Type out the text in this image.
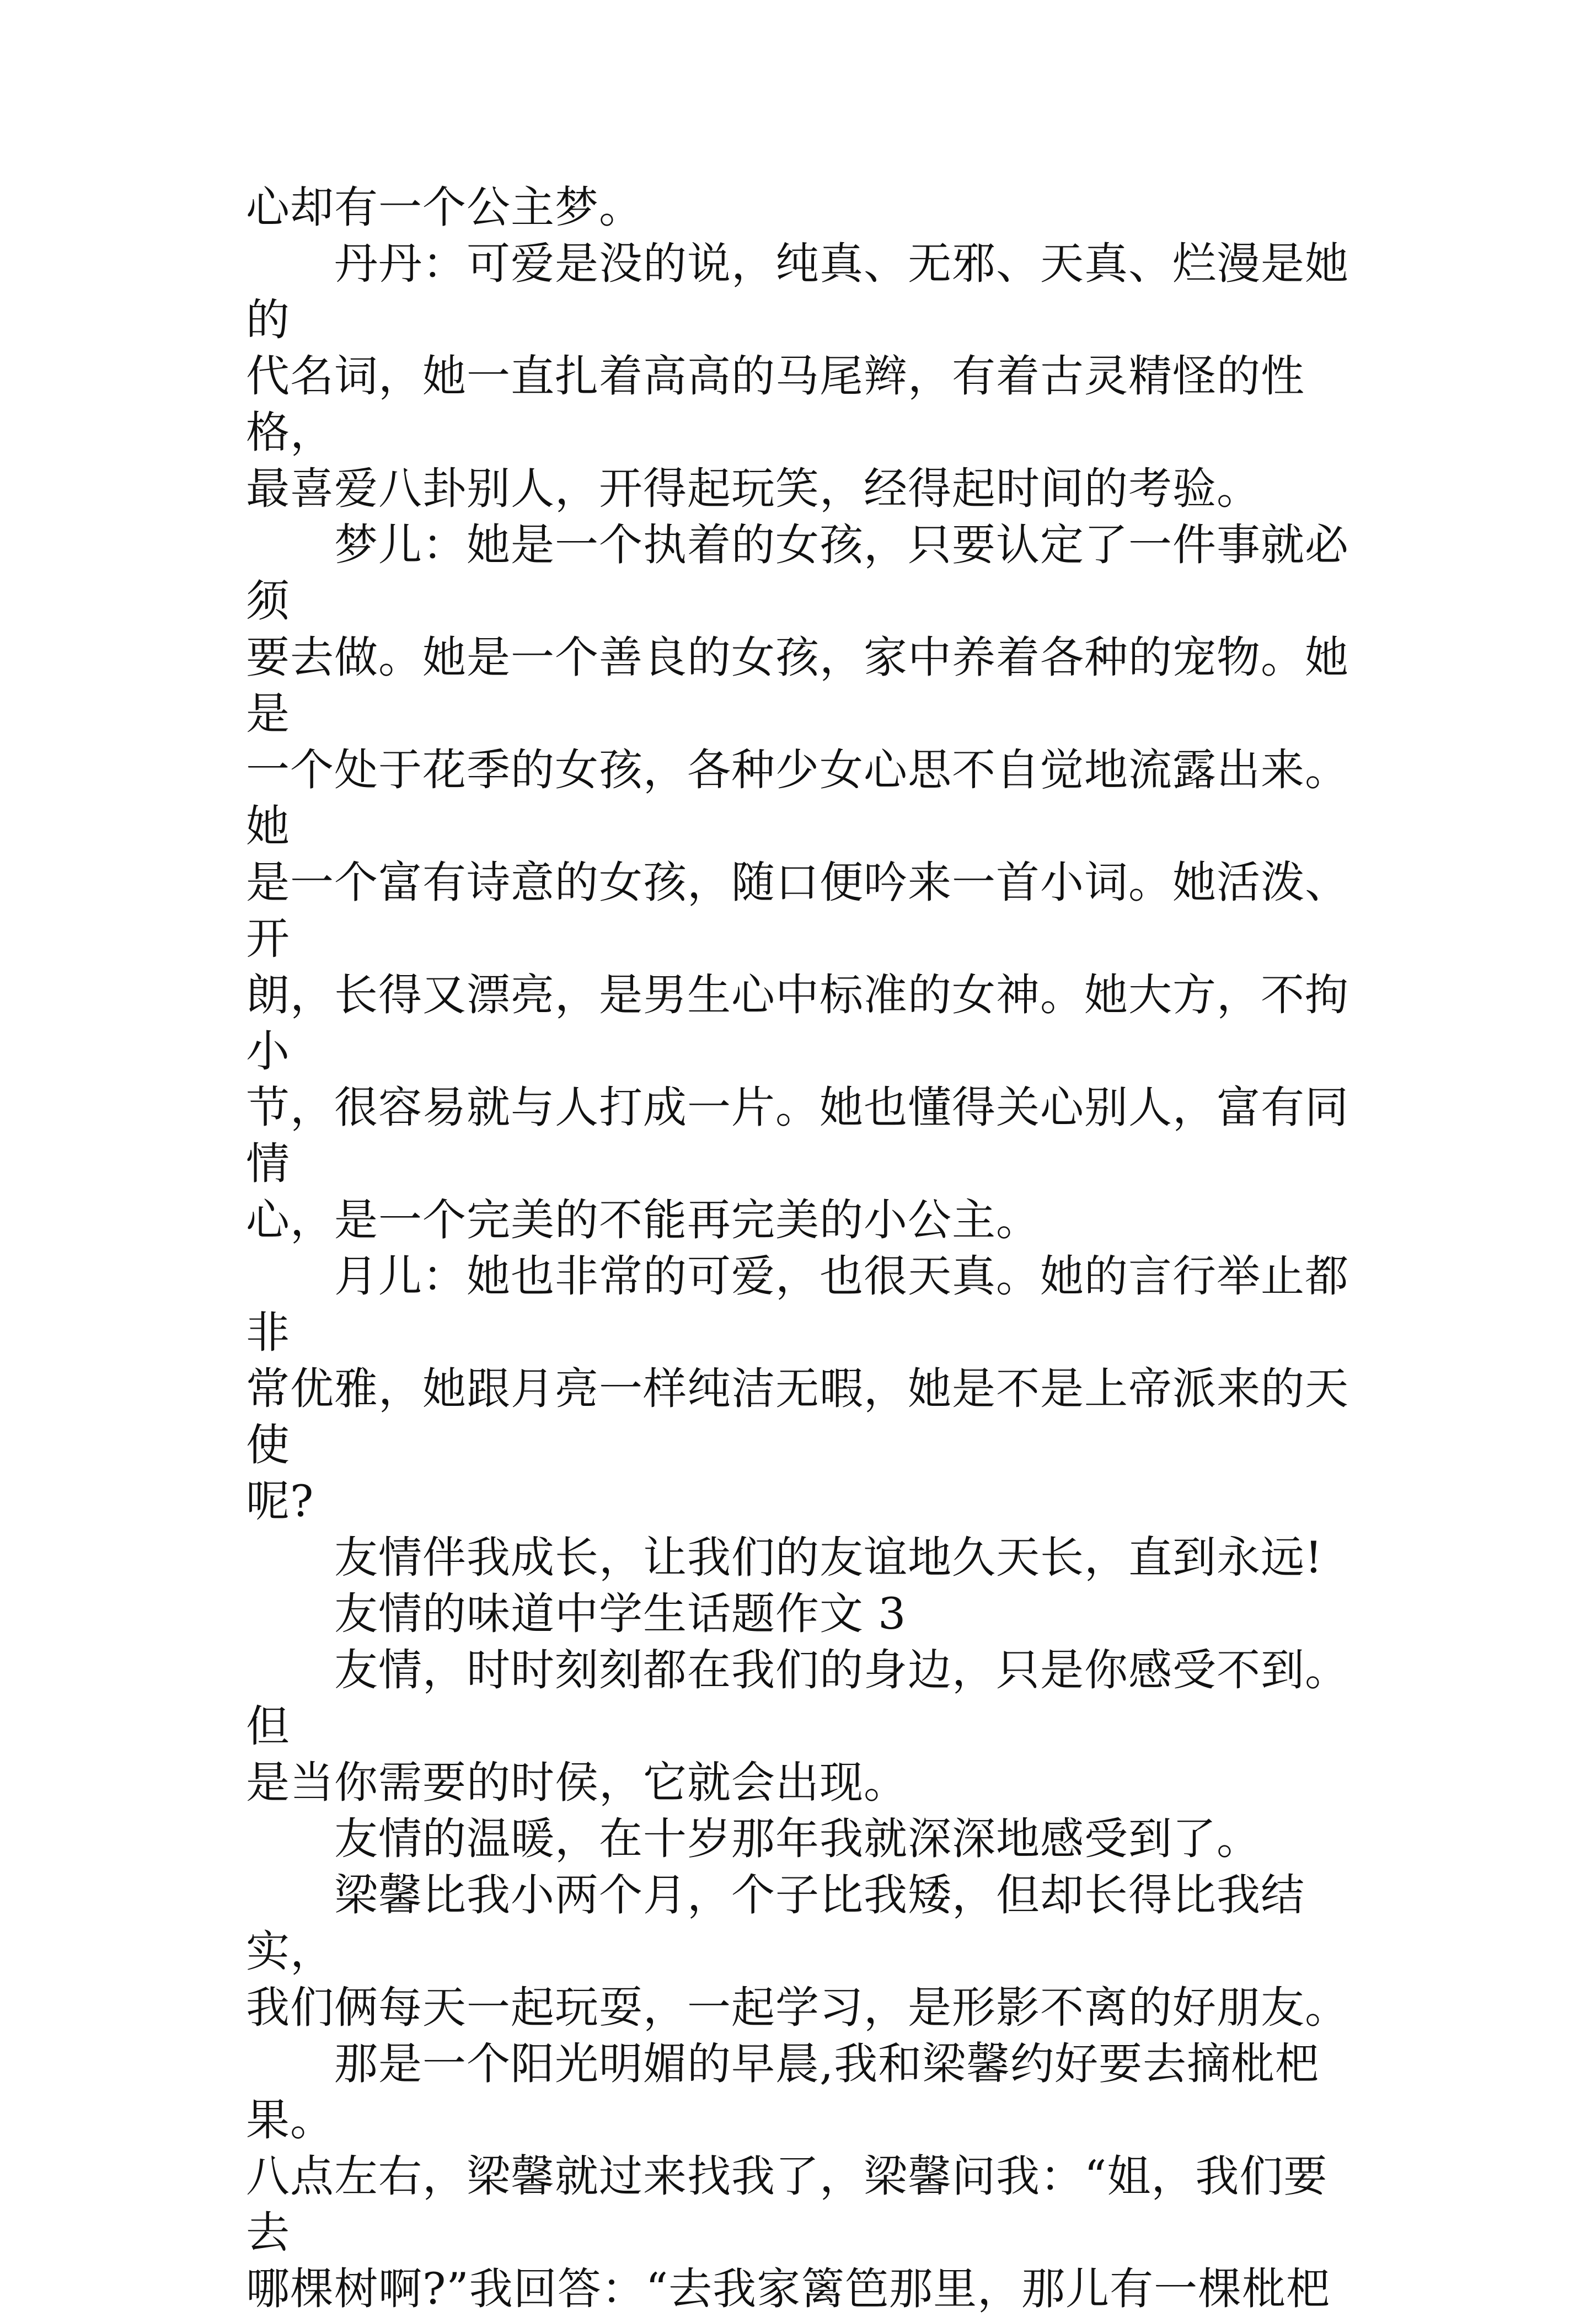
心却有一个公主梦。

　　丹丹：可爱是没的说，纯真、无邪、天真、烂漫是她的
代名词，她一直扎着高高的马尾辫，有着古灵精怪的性格，
最喜爱八卦别人，开得起玩笑，经得起时间的考验。

　　梦儿：她是一个执着的女孩，只要认定了一件事就必须
要去做。她是一个善良的女孩，家中养着各种的宠物。她是
一个处于花季的女孩，各种少女心思不自觉地流露出来。她
是一个富有诗意的女孩，随口便吟来一首小词。她活泼、开
朗，长得又漂亮，是男生心中标准的女神。她大方，不拘小
节，很容易就与人打成一片。她也懂得关心别人，富有同情
心，是一个完美的不能再完美的小公主。

　　月儿：她也非常的可爱，也很天真。她的言行举止都非
常优雅，她跟月亮一样纯洁无暇，她是不是上帝派来的天使
呢?

　　友情伴我成长，让我们的友谊地久天长，直到永远!

　　友情的味道中学生话题作文 3

　　友情，时时刻刻都在我们的身边，只是你感受不到。但
是当你需要的时侯，它就会出现。

　　友情的温暖，在十岁那年我就深深地感受到了。

　　梁馨比我小两个月，个子比我矮，但却长得比我结实，
我们俩每天一起玩耍，一起学习，是形影不离的好朋友。

　　那是一个阳光明媚的早晨,我和梁馨约好要去摘枇杷果。
八点左右，梁馨就过来找我了，梁馨问我：“姐，我们要去
哪棵树啊?”我回答：“去我家篱笆那里，那儿有一棵枇杷
